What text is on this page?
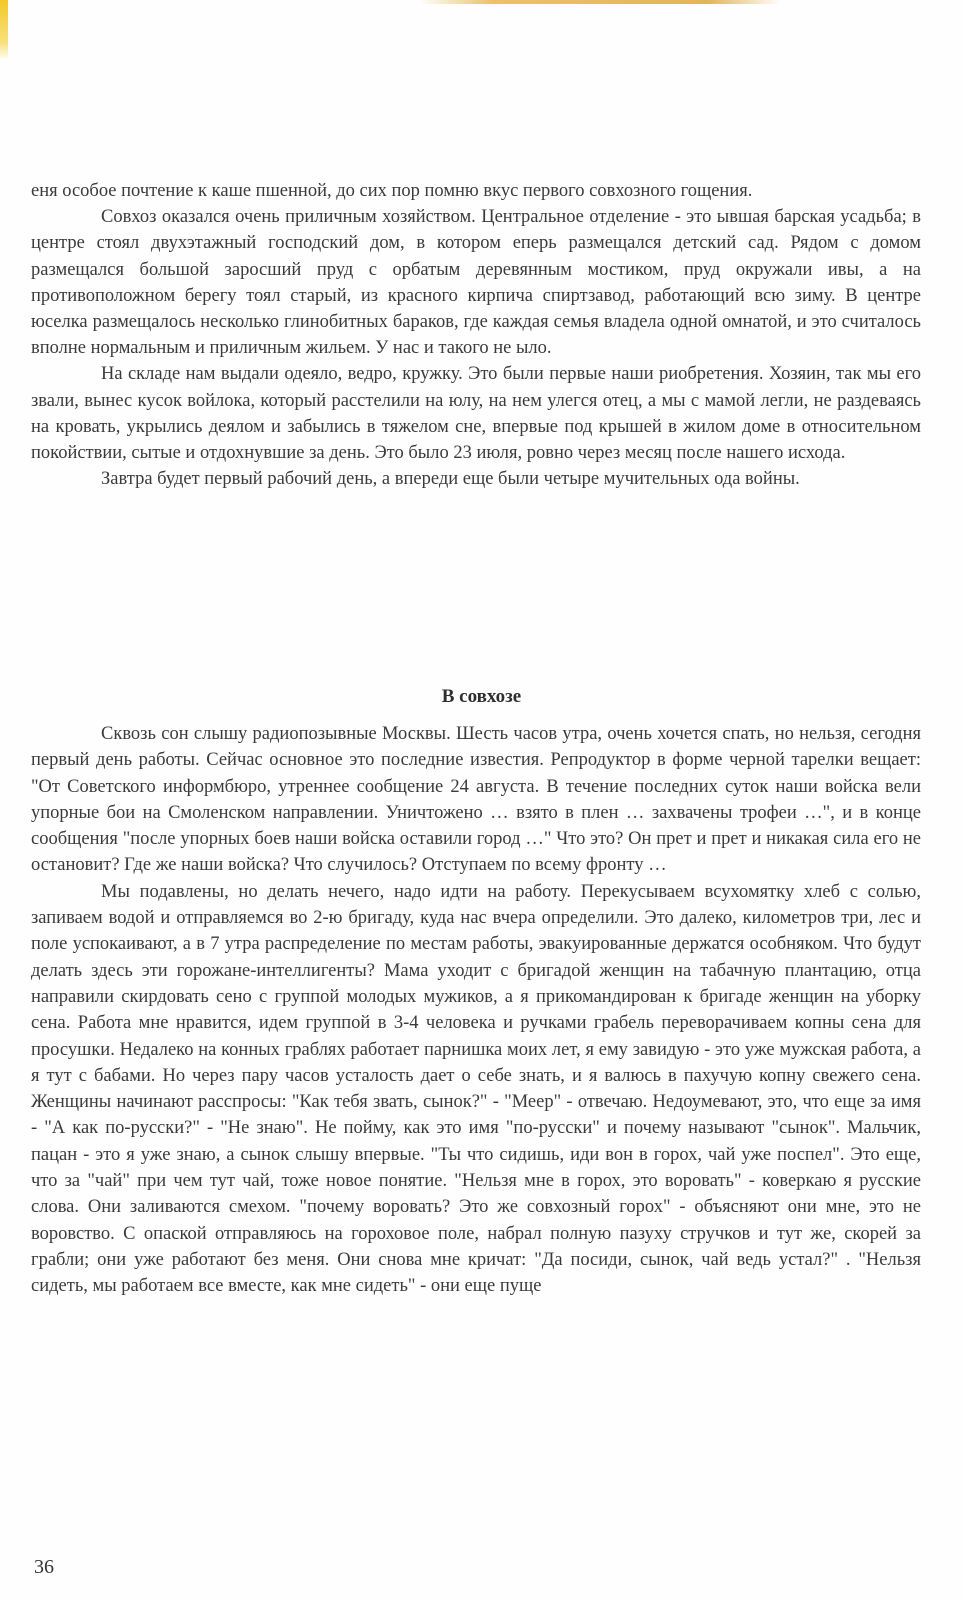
еня особое почтение к каше пшенной, до сих пор помню вкус первого совхозного гощения.

Совхоз оказался очень приличным хозяйством. Центральное отделение - это ывшая барская усадьба; в центре стоял двухэтажный господский дом, в котором еперь размещался детский сад. Рядом с домом размещался большой заросший пруд с орбатым деревянным мостиком, пруд окружали ивы, а на противоположном берегу тоял старый, из красного кирпича спиртзавод, работающий всю зиму. В центре юселка размещалось несколько глинобитных бараков, где каждая семья владела одной омнатой, и это считалось вполне нормальным и приличным жильем. У нас и такого не ыло.

На складе нам выдали одеяло, ведро, кружку. Это были первые наши риобретения. Хозяин, так мы его звали, вынес кусок войлока, который расстелили на юлу, на нем улегся отец, а мы с мамой легли, не раздеваясь на кровать, укрылись деялом и забылись в тяжелом сне, впервые под крышей в жилом доме в относительном покойствии, сытые и отдохнувшие за день. Это было 23 июля, ровно через месяц после нашего исхода.

Завтра будет первый рабочий день, а впереди еще были четыре мучительных ода войны.

В совхозе

Сквозь сон слышу радиопозывные Москвы. Шесть часов утра, очень хочется спать, но нельзя, сегодня первый день работы. Сейчас основное это последние известия. Репродуктор в форме черной тарелки вещает: "От Советского информбюро, утреннее сообщение 24 августа. В течение последних суток наши войска вели упорные бои на Смоленском направлении. Уничтожено … взято в плен … захвачены трофеи …", и в конце сообщения "после упорных боев наши войска оставили город …" Что это? Он прет и прет и никакая сила его не остановит? Где же наши войска? Что случилось? Отступаем по всему фронту …

Мы подавлены, но делать нечего, надо идти на работу. Перекусываем всухомятку хлеб с солью, запиваем водой и отправляемся во 2-ю бригаду, куда нас вчера определили. Это далеко, километров три, лес и поле успокаивают, а в 7 утра распределение по местам работы, эвакуированные держатся особняком. Что будут делать здесь эти горожане-интеллигенты? Мама уходит с бригадой женщин на табачную плантацию, отца направили скирдовать сено с группой молодых мужиков, а я прикомандирован к бригаде женщин на уборку сена. Работа мне нравится, идем группой в 3-4 человека и ручками грабель переворачиваем копны сена для просушки. Недалеко на конных граблях работает парнишка моих лет, я ему завидую - это уже мужская работа, а я тут с бабами. Но через пару часов усталость дает о себе знать, и я валюсь в пахучую копну свежего сена. Женщины начинают расспросы: "Как тебя звать, сынок?" - "Меер" - отвечаю. Недоумевают, это, что еще за имя - "А как по-русски?" - "Не знаю". Не пойму, как это имя "по-русски" и почему называют "сынок". Мальчик, пацан - это я уже знаю, а сынок слышу впервые. "Ты что сидишь, иди вон в горох, чай уже поспел". Это еще, что за "чай" при чем тут чай, тоже новое понятие. "Нельзя мне в горох, это воровать" - коверкаю я русские слова. Они заливаются смехом. "почему воровать? Это же совхозный горох" - объясняют они мне, это не воровство. С опаской отправляюсь на гороховое поле, набрал полную пазуху стручков и тут же, скорей за грабли; они уже работают без меня. Они снова мне кричат: "Да посиди, сынок, чай ведь устал?" . "Нельзя сидеть, мы работаем все вместе, как мне сидеть" - они еще пуще

36
